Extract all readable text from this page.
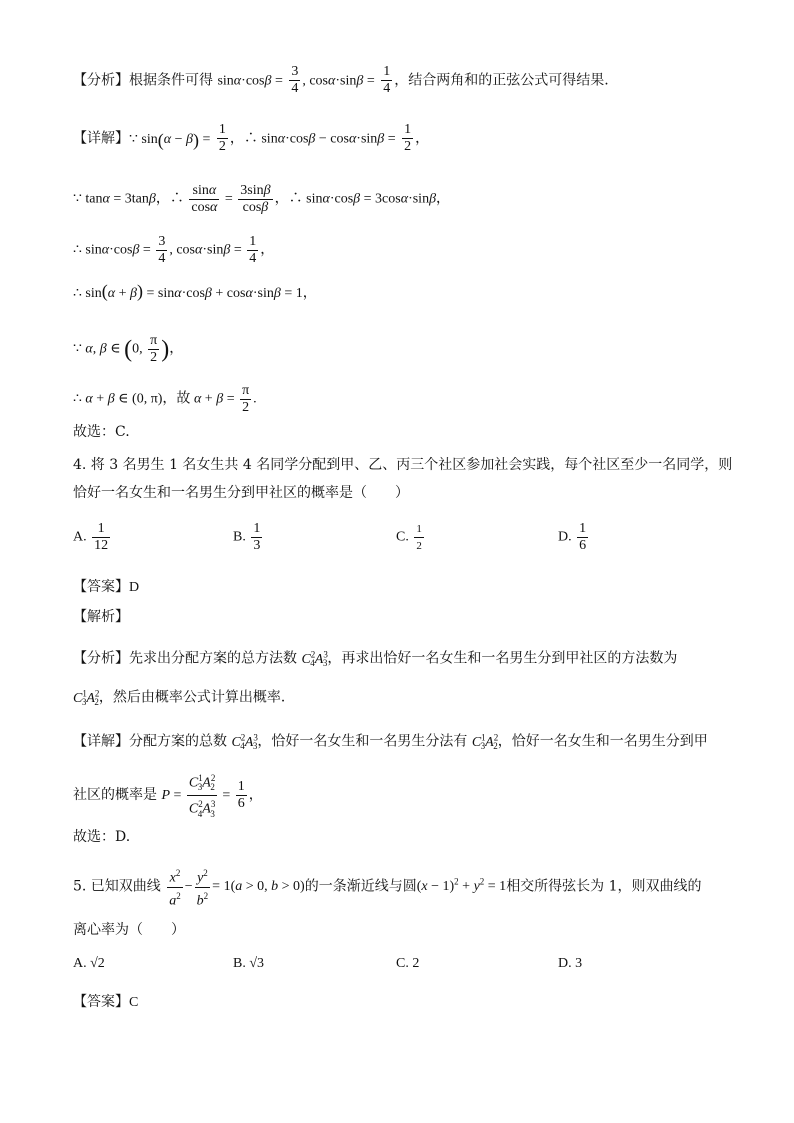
【分析】根据条件可得 $\sin\alpha\cdot\cos\beta = \frac{3}{4}$ , $\cos\alpha\cdot\sin\beta = \frac{1}{4}$ ，结合两角和的正弦公式可得结果.
【详解】∵ $\sin(\alpha - \beta) = \frac{1}{2}$ ，∴ $\sin\alpha\cdot\cos\beta - \cos\alpha\cdot\sin\beta = \frac{1}{2}$ ，
∵ tanα = 3tanβ，∴ $\frac{\sin\alpha}{\cos\alpha} = \frac{3\sin\beta}{\cos\beta}$ ，∴ sinα·cosβ = 3cosα·sinβ，
∴ $\sin\alpha\cdot\cos\beta = \frac{3}{4}$ , $\cos\alpha\cdot\sin\beta = \frac{1}{4}$ ，
∴ sin(α + β) = sinα·cosβ + cosα·sinβ = 1，
∵ α, β ∈ (0, $\frac{\pi}{2}$ )，
∴ α + β ∈ (0, π)，故 $\alpha + \beta = \frac{\pi}{2}$ .
故选：C.
4. 将 3 名男生 1 名女生共 4 名同学分配到甲、乙、丙三个社区参加社会实践，每个社区至少一名同学，则
恰好一名女生和一名男生分到甲社区的概率是（　　）
A. $\frac{1}{12}$	B. $\frac{1}{3}$	C. $\frac{1}{2}$	D. $\frac{1}{6}$
【答案】D
【解析】
【分析】先求出分配方案的总方法数 $C^2_4A^3_3$，再求出恰好一名女生和一名男生分到甲社区的方法数为
$C^1_3A^2_2$，然后由概率公式计算出概率．
【详解】分配方案的总数 $C^2_4A^3_3$，恰好一名女生和一名男生分法有 $C^1_3A^2_2$，恰好一名女生和一名男生分到甲
社区的概率是 $P = \frac{C^1_3A^2_2}{C^2_4A^3_3} = \frac{1}{6}$ ，
故选：D.
5. 已知双曲线 $\frac{x^2}{a^2} - \frac{y^2}{b^2} = 1(a > 0$, b > 0)的一条渐近线与圆$(x - 1)^2 + y^2 = 1$相交所得弦长为 1，则双曲线的
离心率为（　　）
A. √2	B. √3	C. 2	D. 3
【答案】C
